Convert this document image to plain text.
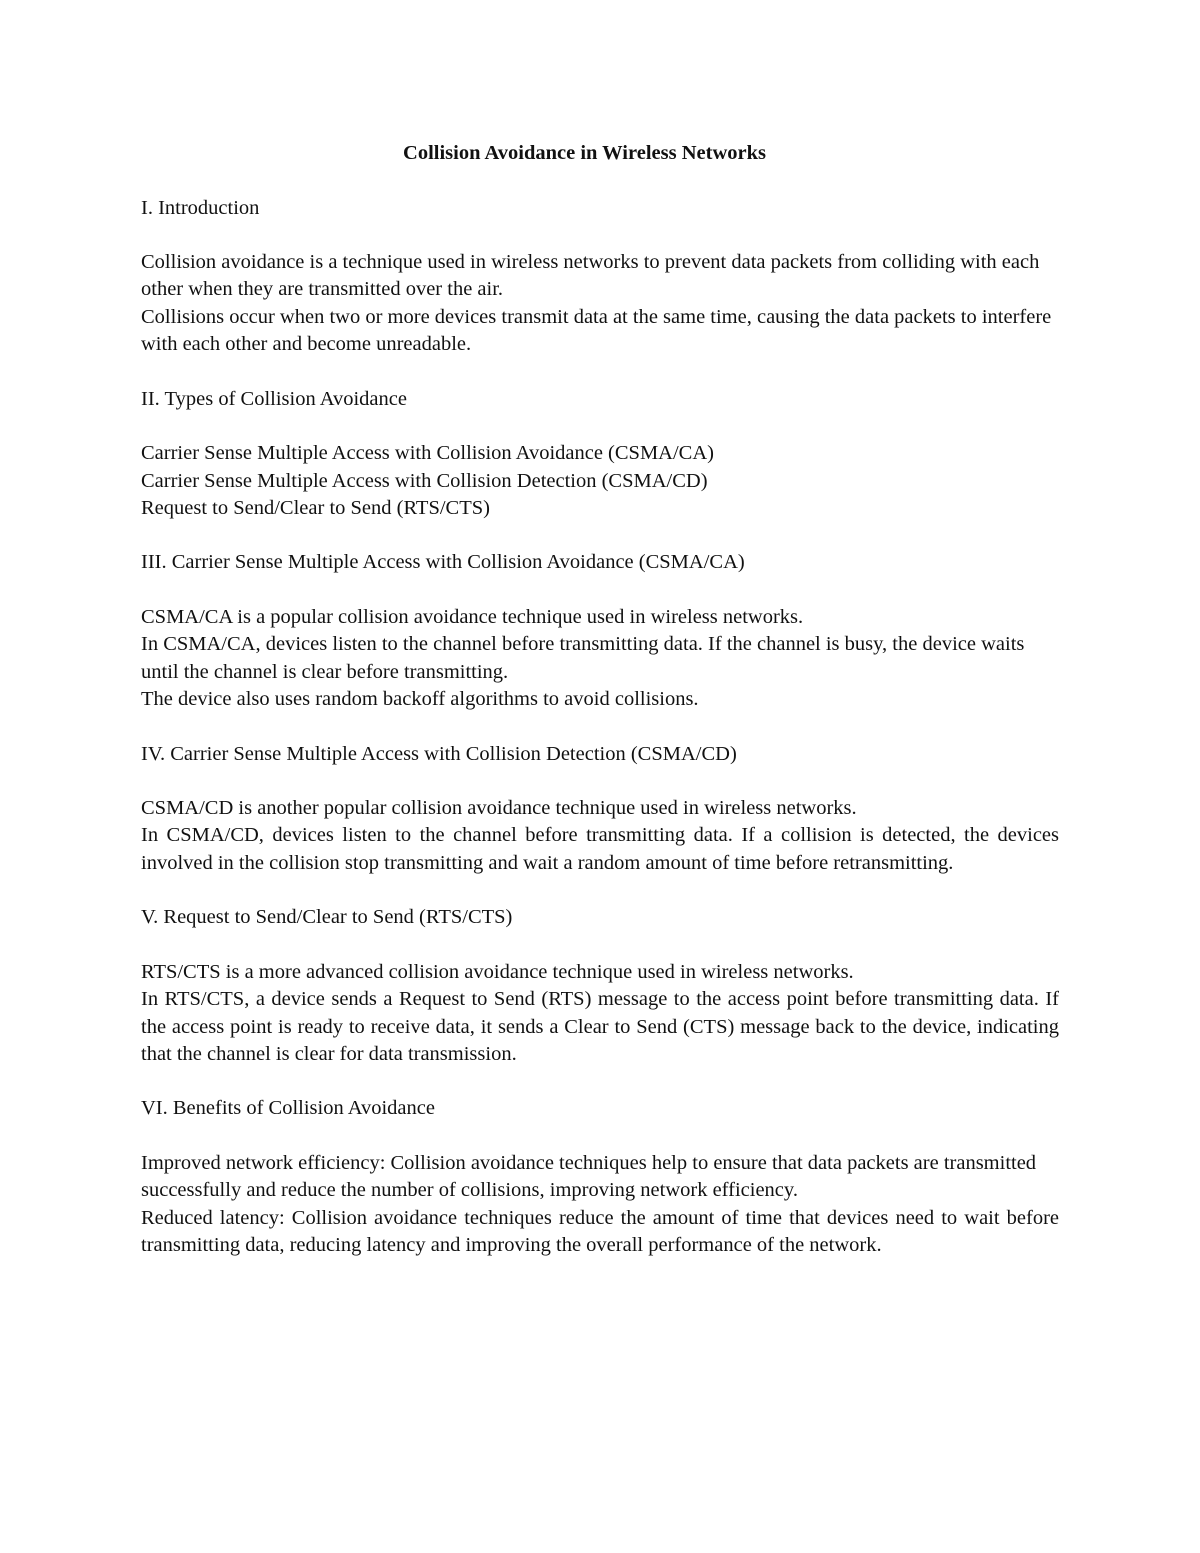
Collision Avoidance in Wireless Networks
I. Introduction

Collision avoidance is a technique used in wireless networks to prevent data packets from colliding with each other when they are transmitted over the air.

Collisions occur when two or more devices transmit data at the same time, causing the data packets to interfere with each other and become unreadable.

II. Types of Collision Avoidance
Carrier Sense Multiple Access with Collision Avoidance (CSMA/CA)
Carrier Sense Multiple Access with Collision Detection (CSMA/CD)
Request to Send/Clear to Send (RTS/CTS)
III. Carrier Sense Multiple Access with Collision Avoidance (CSMA/CA)

CSMA/CA is a popular collision avoidance technique used in wireless networks.

In CSMA/CA, devices listen to the channel before transmitting data. If the channel is busy, the device waits until the channel is clear before transmitting.

The device also uses random backoff algorithms to avoid collisions.

IV. Carrier Sense Multiple Access with Collision Detection (CSMA/CD)

CSMA/CD is another popular collision avoidance technique used in wireless networks.

In CSMA/CD, devices listen to the channel before transmitting data. If a collision is detected, the devices involved in the collision stop transmitting and wait a random amount of time before retransmitting.

V. Request to Send/Clear to Send (RTS/CTS)

RTS/CTS is a more advanced collision avoidance technique used in wireless networks.

In RTS/CTS, a device sends a Request to Send (RTS) message to the access point before transmitting data. If the access point is ready to receive data, it sends a Clear to Send (CTS) message back to the device, indicating that the channel is clear for data transmission.

VI. Benefits of Collision Avoidance

Improved network efficiency: Collision avoidance techniques help to ensure that data packets are transmitted successfully and reduce the number of collisions, improving network efficiency.

Reduced latency: Collision avoidance techniques reduce the amount of time that devices need to wait before transmitting data, reducing latency and improving the overall performance of the network.
